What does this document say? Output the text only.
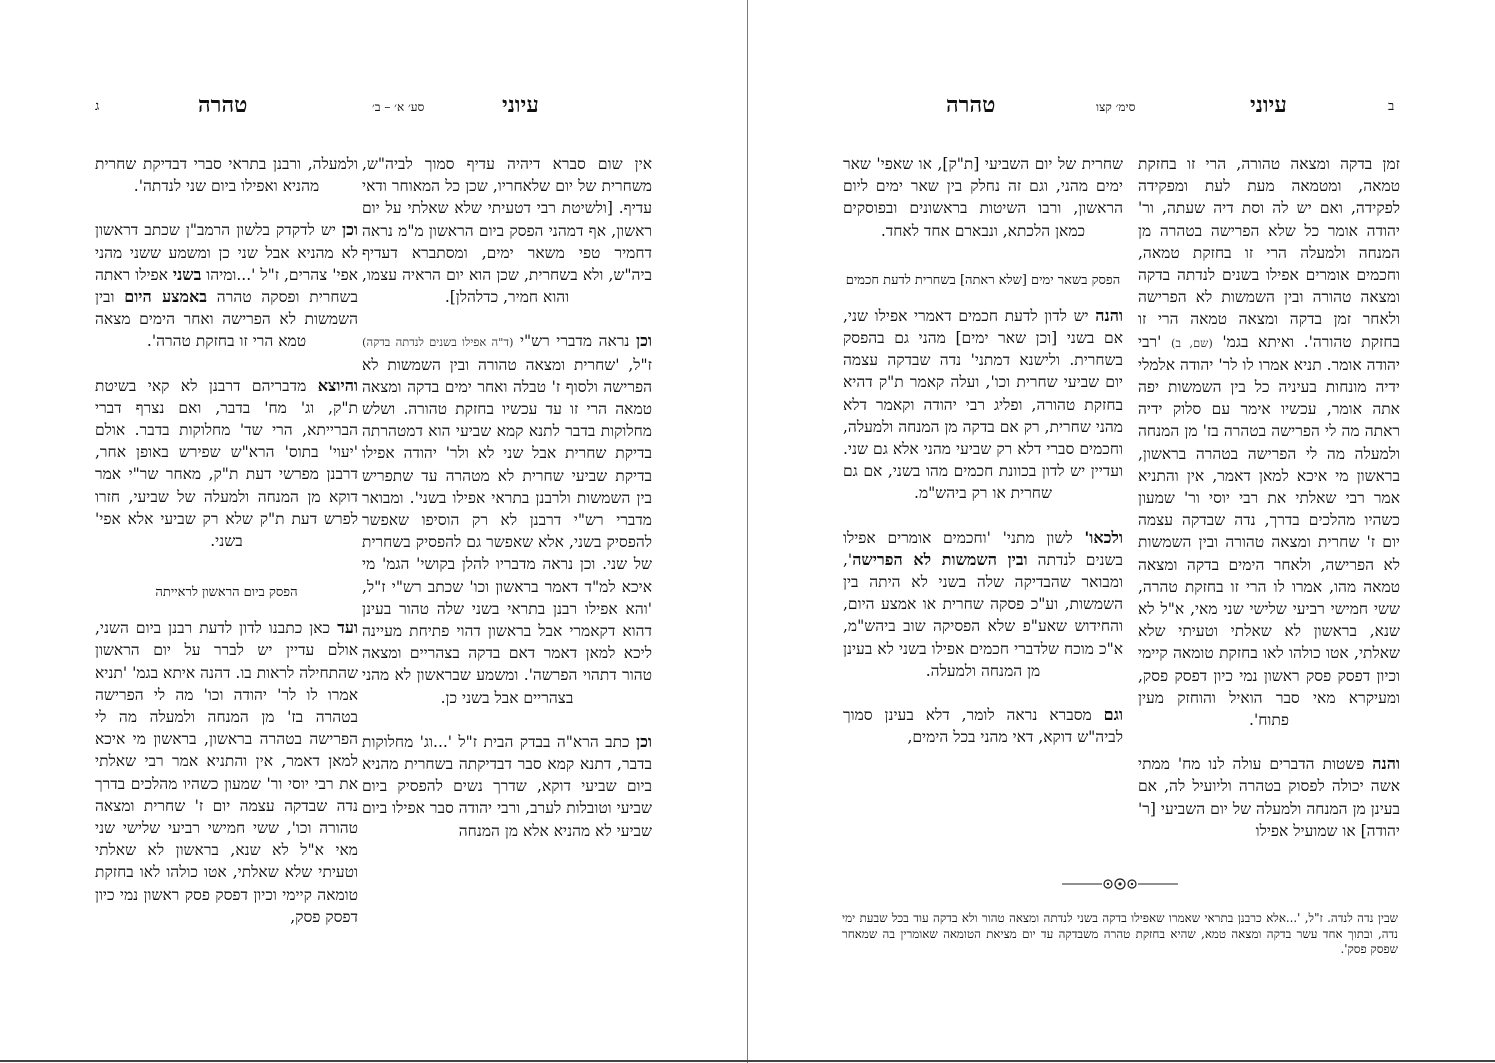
ג	טהרה	סע׳ א׳ – ב׳	עיוני

אין שום סברא דיהיה עדיף סמוך לביה"ש, משחרית של יום שלאחריו, שכן כל המאוחר ודאי עדיף. [ולשיטת רבי דטעיתי שלא שאלתי על יום ראשון, אף דמהני הפסק ביום הראשון מ"מ נראה דחמיר טפי משאר ימים, ומסתברא דעדיף ביה"ש, ולא בשחרית, שכן הוא יום הראיה עצמו, והוא חמיר, כדלהלן].

וכן נראה מדברי רש"י (ד"ה אפילו בשנים לנדתה בדקה) ז"ל, 'שחרית ומצאה טהורה ובין השמשות לא הפרישה ולסוף ז' טבלה ואחר ימים בדקה ומצאה טמאה הרי זו עד עכשיו בחזקת טהורה. ושלש מחלוקות בדבר לתנא קמא שביעי הוא דמטהרתה בדיקת שחרית אבל שני לא ולר' יהודה אפילו בדיקת שביעי שחרית לא מטהרה עד שתפריש בין השמשות ולרבנן בתראי אפילו בשני'. ומבואר מדברי רש"י דרבנן לא רק הוסיפו שאפשר להפסיק בשני, אלא שאפשר גם להפסיק בשחרית של שני. וכן נראה מדבריו להלן בקושי' הגמ' מי איכא למ"ד דאמר בראשון וכו' שכתב רש"י ז"ל, 'והא אפילו רבנן בתראי בשני שלה טהור בעינן דהוא דקאמרי אבל בראשון דהוי פתיחת מעיינה ליכא למאן דאמר דאם בדקה בצהריים ומצאה טהור דתהוי הפרשה'. ומשמע שבראשון לא מהני בצהריים אבל בשני כן.

וכן כתב הרא"ה בבדק הבית ז"ל '...וג' מחלוקות בדבר, דתנא קמא סבר דבדיקתה בשחרית מהניא ביום שביעי דוקא, שדרך נשים להפסיק ביום שביעי וטובלות לערב, ורבי יהודה סבר אפילו ביום שביעי לא מהניא אלא מן המנחה

ולמעלה, ורבנן בתראי סברי דבדיקת שחרית מהניא ואפילו ביום שני לנדתה'.

וכן יש לדקדק בלשון הרמב"ן שכתב דראשון לא מהניא אבל שני כן ומשמע ששני מהני אפי' צהרים, ז"ל '...ומיהו בשני אפילו ראתה בשחרית ופסקה טהרה באמצע היום ובין השמשות לא הפרישה ואחר הימים מצאה טמא הרי זו בחזקת טהרה'.

והיוצא מדבריהם דרבנן לא קאי בשיטת ת"ק, וג' מח' בדבר, ואם נצרף דברי הברייתא, הרי שד' מחלוקות בדבר. אולם 'יעוי' בתוס' הרא"ש שפירש באופן אחר, דרבנן מפרשי דעת ת"ק, מאחר שר"י אמר דוקא מן המנחה ולמעלה של שביעי, חזרו לפרש דעת ת"ק שלא רק שביעי אלא אפי' בשני.

הפסק ביום הראשון לראייתה

ועד כאן כתבנו לדון לדעת רבנן ביום השני, אולם עדיין יש לברר על יום הראשון שהתחילה לראות בו. דהנה איתא בגמ' 'תניא אמרו לו לר' יהודה וכו' מה לי הפרישה בטהרה בז' מן המנחה ולמעלה מה לי הפרישה בטהרה בראשון, בראשון מי איכא למאן דאמר, אין והתניא אמר רבי שאלתי את רבי יוסי ור' שמעון כשהיו מהלכים בדרך נדה שבדקה עצמה יום ז' שחרית ומצאה טהורה וכו', ששי חמישי רביעי שלישי שני מאי א"ל לא שנא, בראשון לא שאלתי וטעיתי שלא שאלתי, אטו כולהו לאו בחזקת טומאה קיימי וכיון דפסק פסק ראשון נמי כיון דפסק פסק,

ב
עיוני
סימ׳ קצו
טהרה

זמן בדקה ומצאה טהורה, הרי זו בחזקת טמאה, ומטמאה מעת לעת ומפקידה לפקידה, ואם יש לה וסת דיה שעתה, ור' יהודה אומר כל שלא הפרישה בטהרה מן המנחה ולמעלה הרי זו בחזקת טמאה, וחכמים אומרים אפילו בשנים לנדתה בדקה ומצאה טהורה ובין השמשות לא הפרישה ולאחר זמן בדקה ומצאה טמאה הרי זו בחזקת טהורה'. ואיתא בגמ' (שם, ב) 'רבי יהודה אומר. תניא אמרו לו לר' יהודה אלמלי ידיה מונחות בעיניה כל בין השמשות יפה אתה אומר, עכשיו אימר עם סלוק ידיה ראתה מה לי הפרישה בטהרה בז' מן המנחה ולמעלה מה לי הפרישה בטהרה בראשון, בראשון מי איכא למאן דאמר, אין והתניא אמר רבי שאלתי את רבי יוסי ור' שמעון כשהיו מהלכים בדרך, נדה שבדקה עצמה יום ז' שחרית ומצאה טהורה ובין השמשות לא הפרישה, ולאחר הימים בדקה ומצאה טמאה מהו, אמרו לו הרי זו בחזקת טהרה, ששי חמישי רביעי שלישי שני מאי, א"ל לא שנא, בראשון לא שאלתי וטעיתי שלא שאלתי, אטו כולהו לאו בחזקת טומאה קיימי וכיון דפסק פסק ראשון נמי כיון דפסק פסק, ומעיקרא מאי סבר הואיל והוחזק מעין פתוח'.

והנה פשטות הדברים עולה לנו מח' ממתי אשה יכולה לפסוק בטהרה וליועיל לה, אם בעינן מן המנחה ולמעלה של יום השביעי [ר' יהודה] או שמועיל אפילו

שחרית של יום השביעי [ת"ק], או שאפי' שאר ימים מהני, וגם זה נחלק בין שאר ימים ליום הראשון, ורבו השיטות בראשונים ובפוסקים כמאן הלכתא, ונבארם אחד לאחד.

הפסק בשאר ימים [שלא ראתה] בשחרית לדעת חכמים

והנה יש לדון לדעת חכמים דאמרי אפילו שני, אם בשני [וכן שאר ימים] מהני גם בהפסק בשחרית. ולישנא דמתני' נדה שבדקה עצמה יום שביעי שחרית וכו', ועלה קאמר ת"ק דהיא בחזקת טהורה, ופליג רבי יהודה וקאמר דלא מהני שחרית, רק אם בדקה מן המנחה ולמעלה, וחכמים סברי דלא רק שביעי מהני אלא גם שני. ועדיין יש לדון בכוונת חכמים מהו בשני, אם גם שחרית או רק ביהש"מ.

ולכאו' לשון מתני' 'וחכמים אומרים אפילו בשנים לנדתה ובין השמשות לא הפרישה', ומבואר שהבדיקה שלה בשני לא היתה בין השמשות, וע"כ פסקה שחרית או אמצע היום, והחידוש שאע"פ שלא הפסיקה שוב ביהש"מ, א"כ מוכח שלדברי חכמים אפילו בשני לא בעינן מן המנחה ולמעלה.

וגם מסברא נראה לומר, דלא בעינן סמוך לביה"ש דוקא, דאי מהני בכל הימים,

שבין נדה לנדה. ז"ל, '...אלא כרבנן בתראי שאמרו שאפילו בדקה בשני לנדתה ומצאה טהור ולא בדקה עוד בכל שבעת ימי נדה, ובתוך אחד עשר בדקה ומצאה טמא, שהיא בחזקת טהרה משבדקה עד יום מציאת הטומאה שאומרין בה שמאחר שפסק פסק'.
